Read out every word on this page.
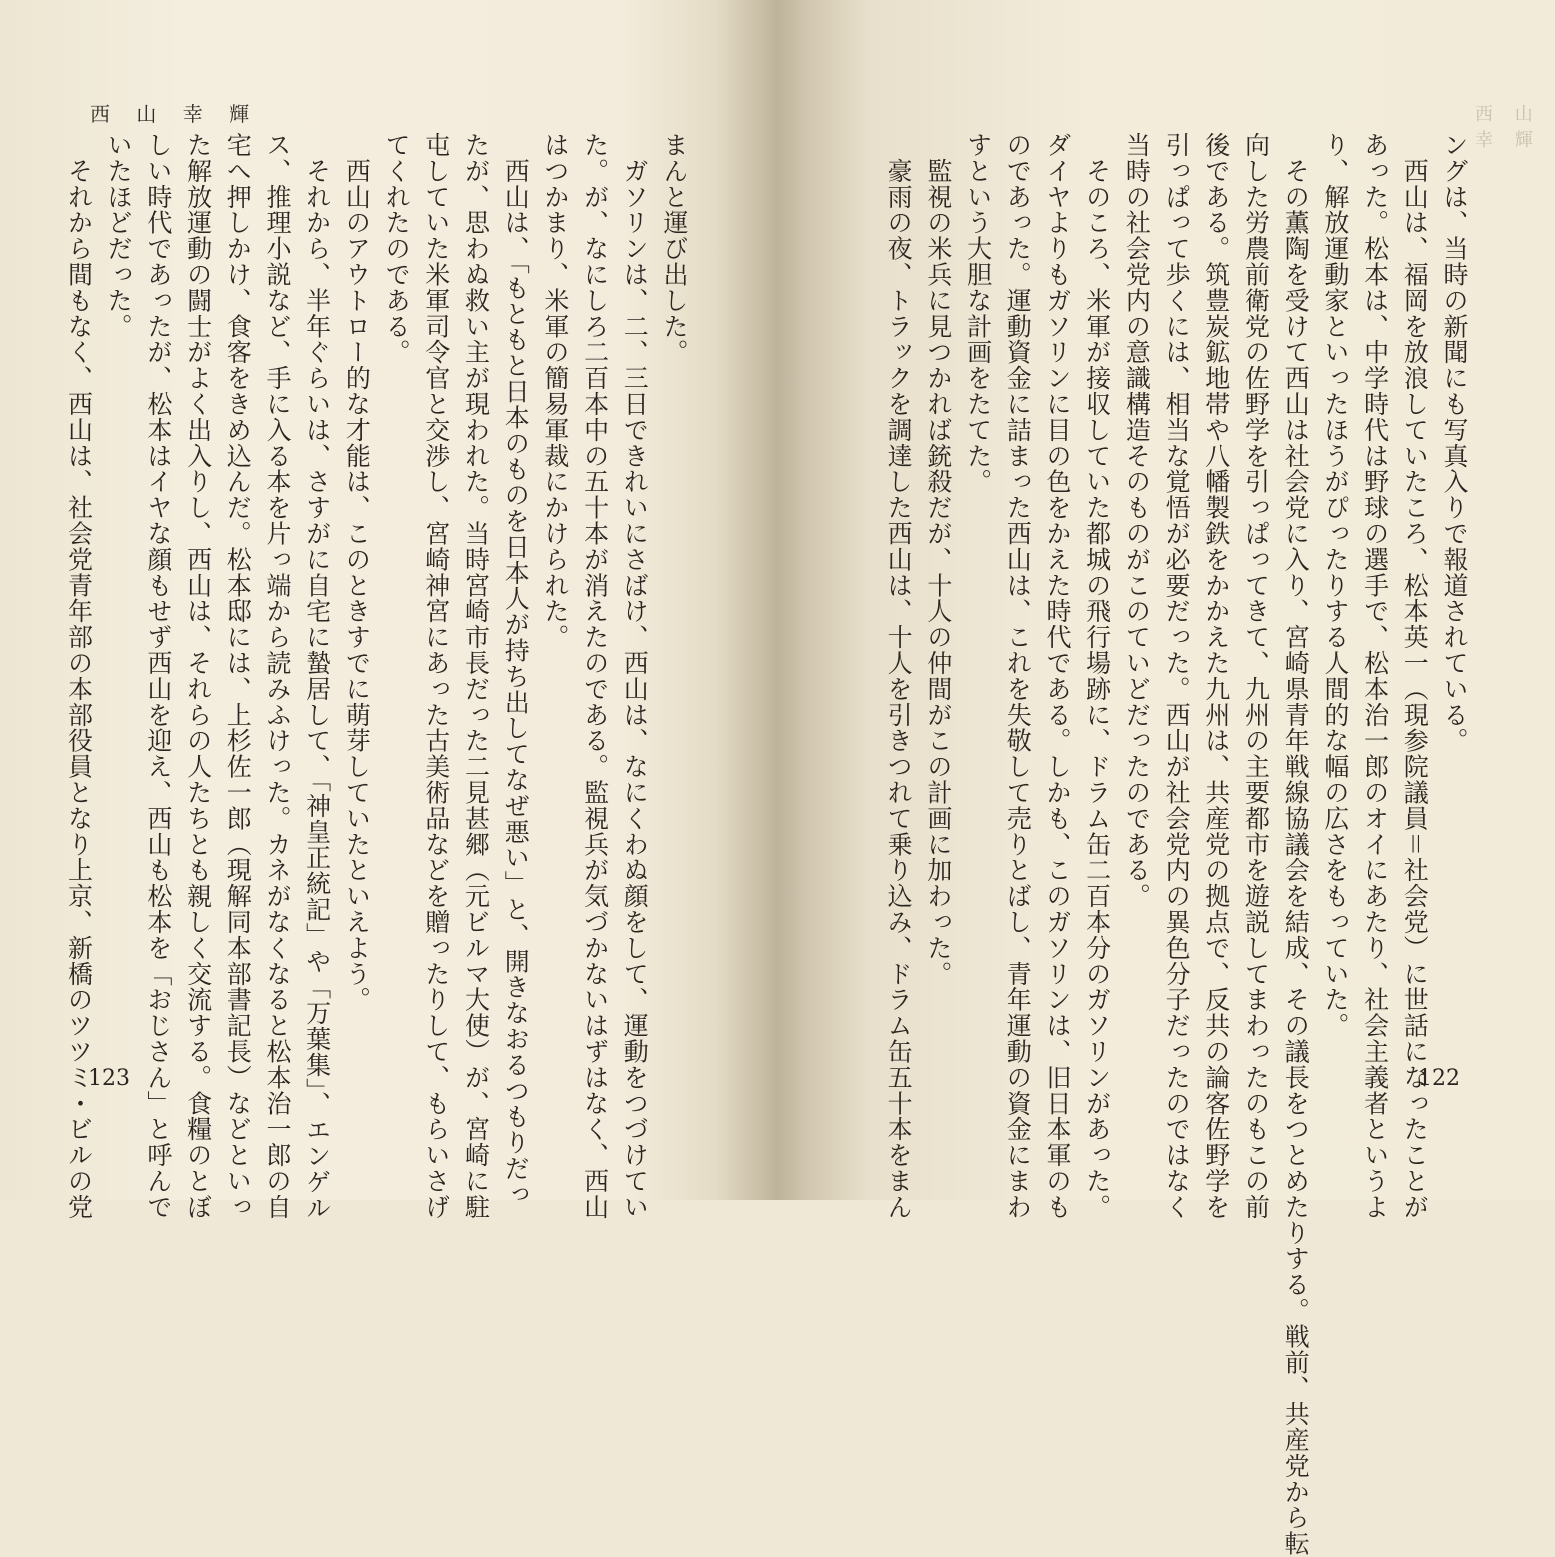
西 山 幸 輝
まんと運び出した。
　ガソリンは、二、三日できれいにさばけ、西山は、なにくわぬ顔をして、運動をつづけてい
た。が、なにしろ二百本中の五十本が消えたのである。監視兵が気づかないはずはなく、西山
はつかまり、米軍の簡易軍裁にかけられた。
　西山は、「もともと日本のものを日本人が持ち出してなぜ悪い」と、開きなおるつもりだっ
たが、思わぬ救い主が現われた。当時宮崎市長だった二見甚郷（元ビルマ大使）が、宮崎に駐
屯していた米軍司令官と交渉し、宮崎神宮にあった古美術品などを贈ったりして、もらいさげ
てくれたのである。
　西山のアウトロー的な才能は、このときすでに萌芽していたといえよう。
　それから、半年ぐらいは、さすがに自宅に蟄居して、「神皇正統記」や「万葉集」、エンゲル
ス、推理小説など、手に入る本を片っ端から読みふけった。カネがなくなると松本治一郎の自
宅へ押しかけ、食客をきめ込んだ。松本邸には、上杉佐一郎（現解同本部書記長）などといっ
た解放運動の闘士がよく出入りし、西山は、それらの人たちとも親しく交流する。食糧のとぼ
しい時代であったが、松本はイヤな顔もせず西山を迎え、西山も松本を「おじさん」と呼んで
いたほどだった。
　それから間もなく、西山は、社会党青年部の本部役員となり上京、新橋のツツミ・ビルの党
123
西 山 幸 輝
ングは、当時の新聞にも写真入りで報道されている。
　西山は、福岡を放浪していたころ、松本英一（現参院議員＝社会党）に世話になったことが
あった。松本は、中学時代は野球の選手で、松本治一郎のオイにあたり、社会主義者というよ
り、解放運動家といったほうがぴったりする人間的な幅の広さをもっていた。
　その薫陶を受けて西山は社会党に入り、宮崎県青年戦線協議会を結成、その議長をつとめたりする。戦前、共産党から転
向した労農前衛党の佐野学を引っぱってきて、九州の主要都市を遊説してまわったのもこの前
後である。筑豊炭鉱地帯や八幡製鉄をかかえた九州は、共産党の拠点で、反共の論客佐野学を
引っぱって歩くには、相当な覚悟が必要だった。西山が社会党内の異色分子だったのではなく
当時の社会党内の意識構造そのものがこのていどだったのである。
　そのころ、米軍が接収していた都城の飛行場跡に、ドラム缶二百本分のガソリンがあった。
ダイヤよりもガソリンに目の色をかえた時代である。しかも、このガソリンは、旧日本軍のも
のであった。運動資金に詰まった西山は、これを失敬して売りとばし、青年運動の資金にまわ
すという大胆な計画をたてた。
　監視の米兵に見つかれば銃殺だが、十人の仲間がこの計画に加わった。
　豪雨の夜、トラックを調達した西山は、十人を引きつれて乗り込み、ドラム缶五十本をまん	122
